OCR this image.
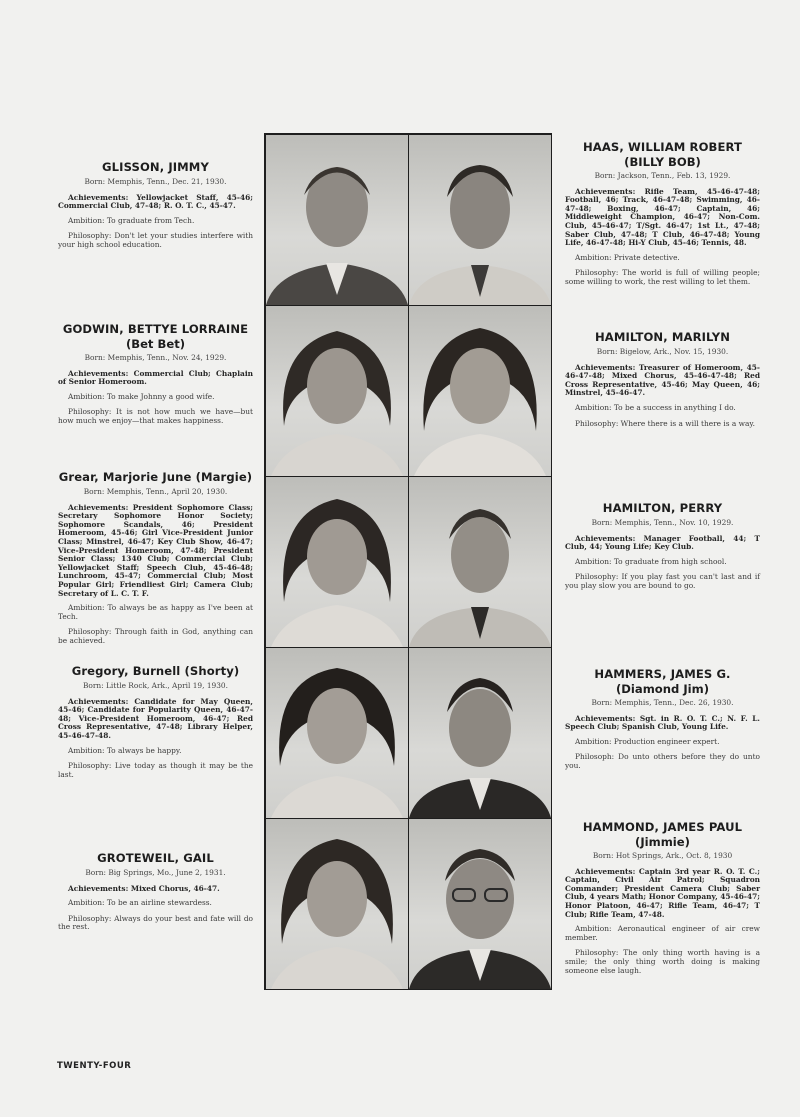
GLISSON, JIMMY
Born: Memphis, Tenn., Dec. 21, 1930.
Achievements: Yellowjacket Staff, 45-46; Commercial Club, 47-48; R. O. T. C., 45-47.
Ambition: To graduate from Tech.
Philosophy: Don't let your studies interfere with your high school education.
GODWIN, BETTYE LORRAINE
(Bet Bet)
Born: Memphis, Tenn., Nov. 24, 1929.
Achievements: Commercial Club; Chaplain of Senior Homeroom.
Ambition: To make Johnny a good wife.
Philosophy: It is not how much we have—but how much we enjoy—that makes happiness.
Grear, Marjorie June (Margie)
Born: Memphis, Tenn., April 20, 1930.
Achievements: President Sophomore Class; Secretary Sophomore Honor Society; Sophomore Scandals, 46; President Homeroom, 45-46; Girl Vice-President Junior Class; Minstrel, 46-47; Key Club Show, 46-47; Vice-President Homeroom, 47-48; President Senior Class; 1340 Club; Commercial Club; Yellowjacket Staff; Speech Club, 45-46-48; Lunchroom, 45-47; Commercial Club; Most Popular Girl; Friendliest Girl; Camera Club; Secretary of L. C. T. F.
Ambition: To always be as happy as I've been at Tech.
Philosophy: Through faith in God, anything can be achieved.
Gregory, Burnell (Shorty)
Born: Little Rock, Ark., April 19, 1930.
Achievements: Candidate for May Queen, 45-46; Candidate for Popularity Queen, 46-47-48; Vice-President Homeroom, 46-47; Red Cross Representative, 47-48; Library Helper, 45-46-47-48.
Ambition: To always be happy.
Philosophy: Live today as though it may be the last.
GROTEWEIL, GAIL
Born: Big Springs, Mo., June 2, 1931.
Achievements: Mixed Chorus, 46-47.
Ambition: To be an airline stewardess.
Philosophy: Always do your best and fate will do the rest.
HAAS, WILLIAM ROBERT
(BILLY BOB)
Born: Jackson, Tenn., Feb. 13, 1929.
Achievements: Rifle Team, 45-46-47-48; Football, 46; Track, 46-47-48; Swimming, 46-47-48; Boxing, 46-47; Captain, 46; Middleweight Champion, 46-47; Non-Com. Club, 45-46-47; T/Sgt. 46-47; 1st Lt., 47-48; Saber Club, 47-48; T Club, 46-47-48; Young Life, 46-47-48; Hi-Y Club, 45-46; Tennis, 48.
Ambition: Private detective.
Philosophy: The world is full of willing people; some willing to work, the rest willing to let them.
HAMILTON, MARILYN
Born: Bigelow, Ark., Nov. 15, 1930.
Achievements: Treasurer of Homeroom, 45-46-47-48; Mixed Chorus, 45-46-47-48; Red Cross Representative, 45-46; May Queen, 46; Minstrel, 45-46-47.
Ambition: To be a success in anything I do.
Philosophy: Where there is a will there is a way.
HAMILTON, PERRY
Born: Memphis, Tenn., Nov. 10, 1929.
Achievements: Manager Football, 44; T Club, 44; Young Life; Key Club.
Ambition: To graduate from high school.
Philosophy: If you play fast you can't last and if you play slow you are bound to go.
HAMMERS, JAMES G.
(Diamond Jim)
Born: Memphis, Tenn., Dec. 26, 1930.
Achievements: Sgt. in R. O. T. C.; N. F. L. Speech Club; Spanish Club, Young Life.
Ambition: Production engineer expert.
Philosoph: Do unto others before they do unto you.
HAMMOND, JAMES PAUL
(Jimmie)
Born: Hot Springs, Ark., Oct. 8, 1930
Achievements: Captain 3rd year R. O. T. C.; Captain, Civil Air Patrol; Squadron Commander; President Camera Club; Saber Club, 4 years Math; Honor Company, 45-46-47; Honor Platoon, 46-47; Rifle Team, 46-47; T Club; Rifle Team, 47-48.
Ambition: Aeronautical engineer of air crew member.
Philosophy: The only thing worth having is a smile; the only thing worth doing is making someone else laugh.
TWENTY-FOUR
